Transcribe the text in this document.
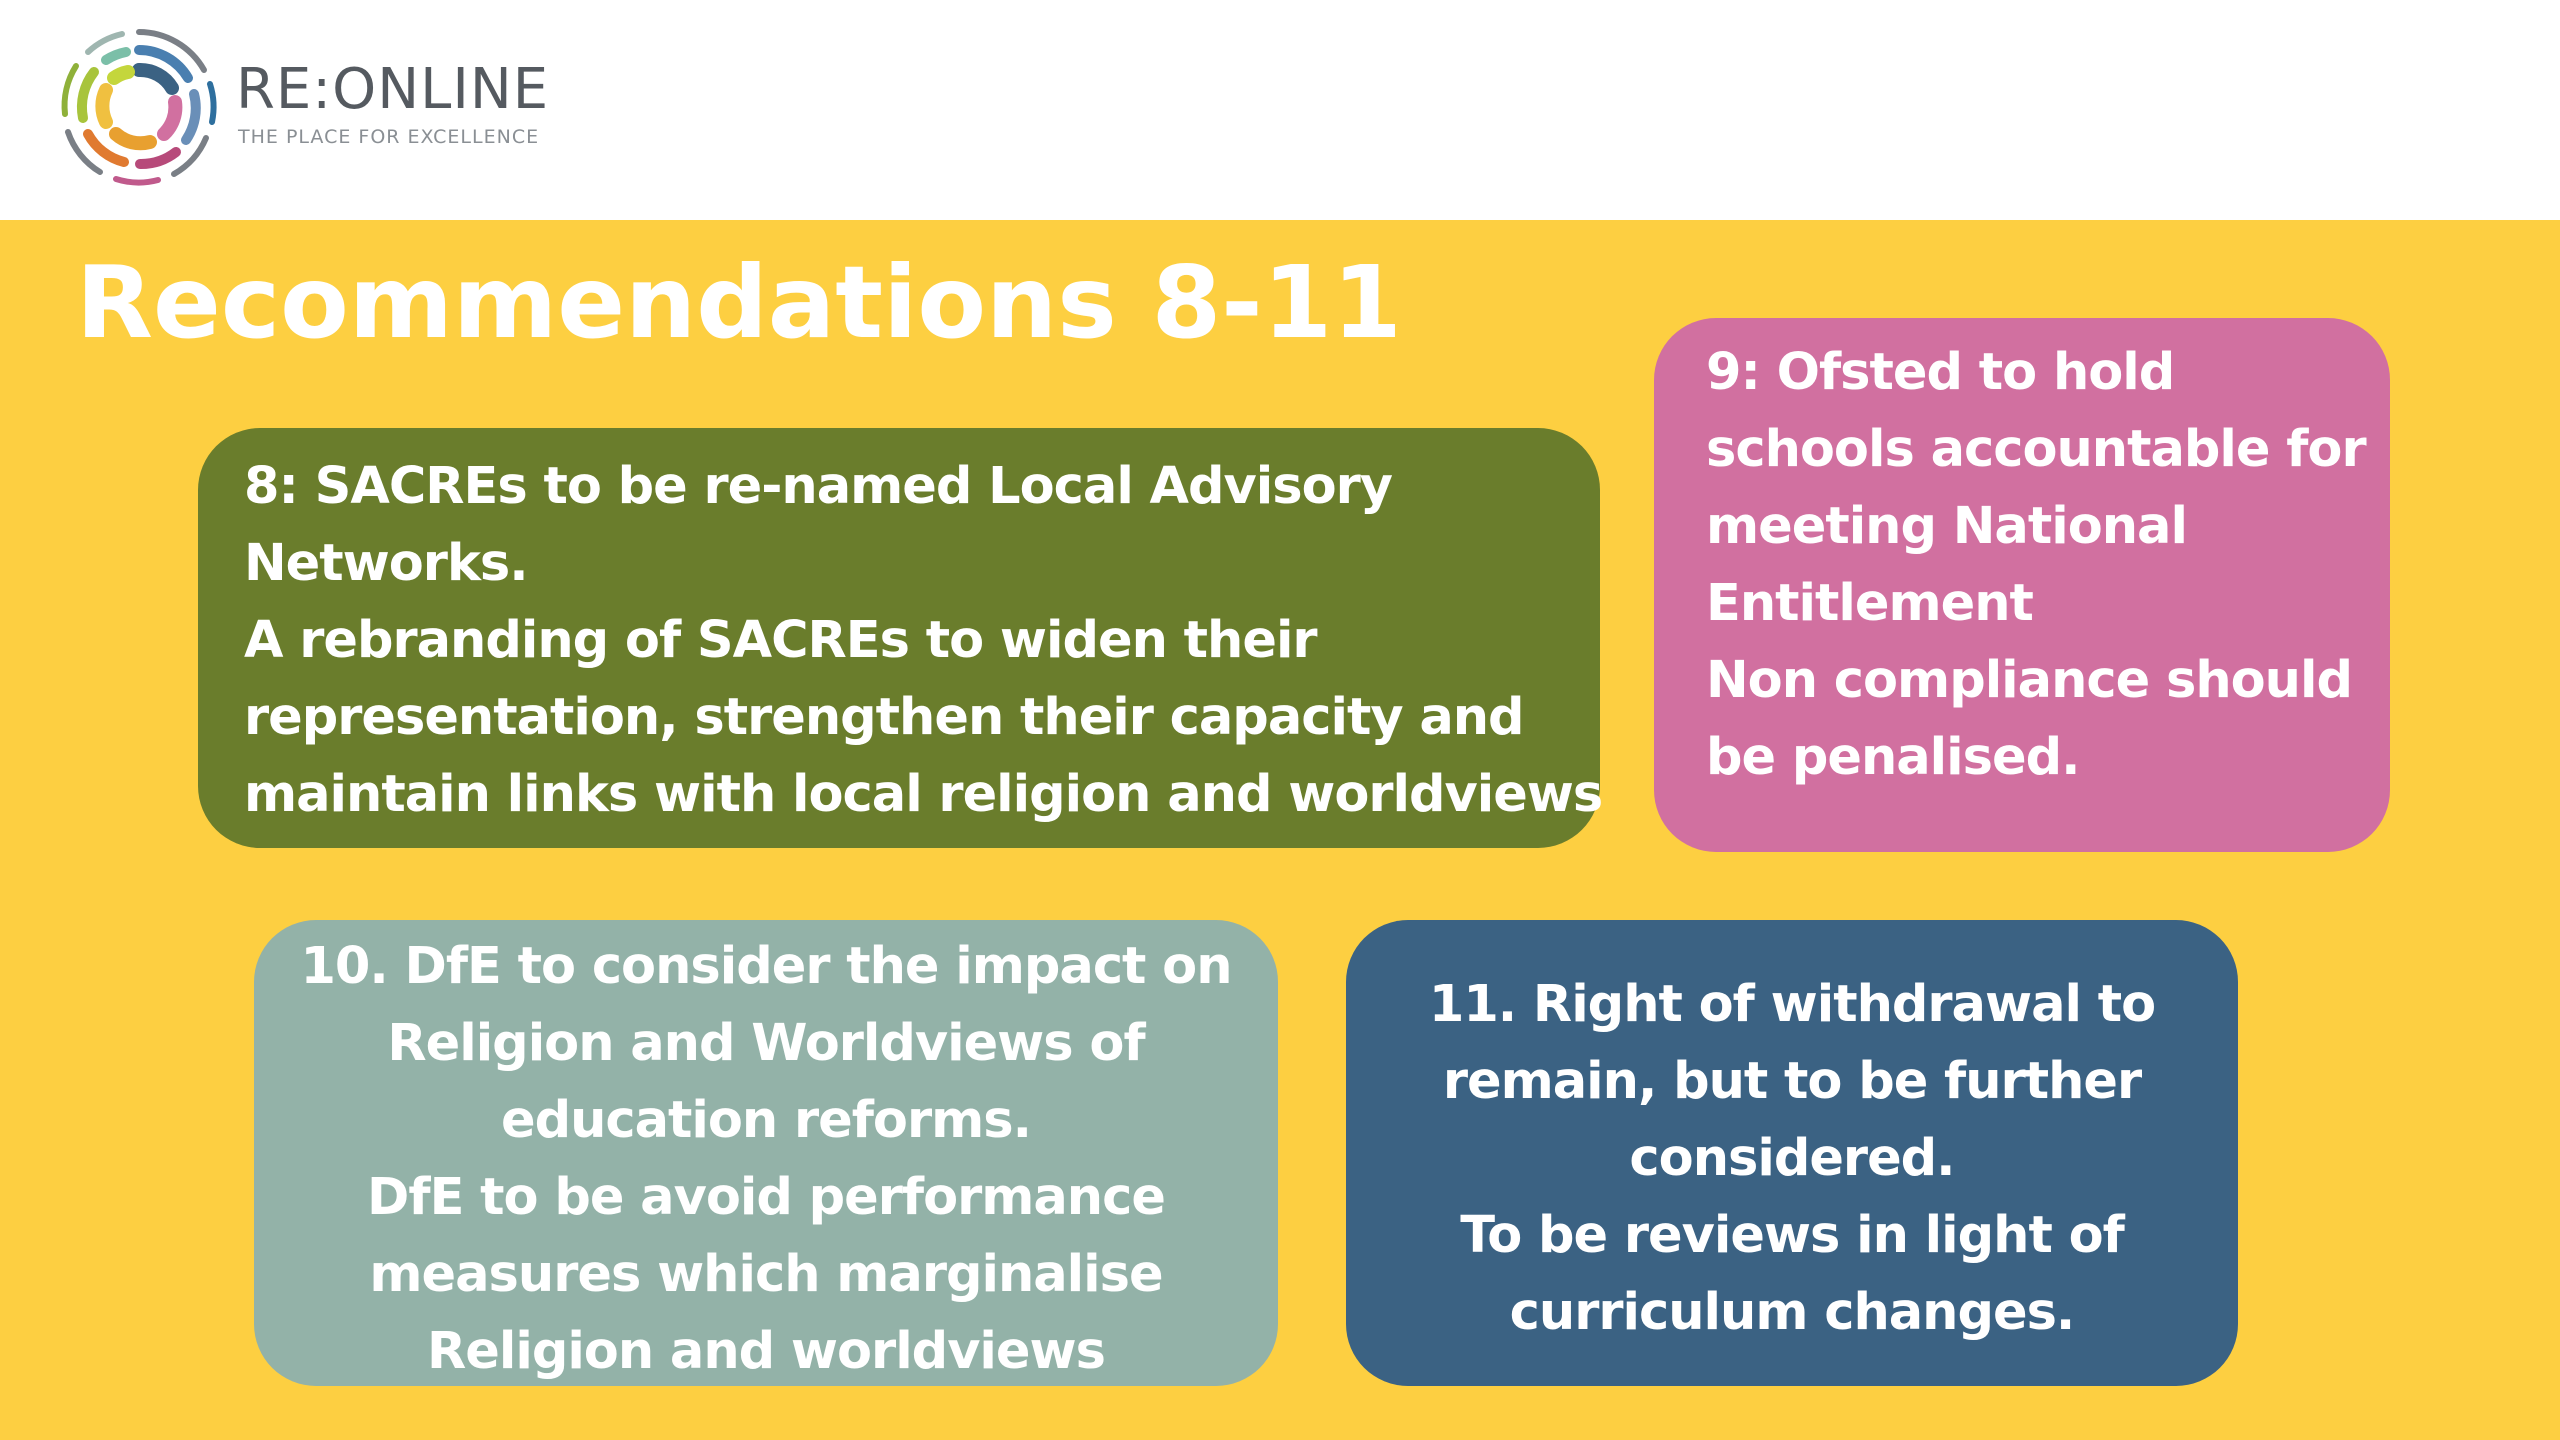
RE:ONLINE
THE PLACE FOR EXCELLENCE
Recommendations 8-11

8: SACREs to be re-named Local Advisory

Networks.

A rebranding of SACREs to widen their

representation, strengthen their capacity and

maintain links with local religion and worldviews

9: Ofsted to hold

schools accountable for

meeting National

Entitlement

Non compliance should

be penalised.

10. DfE to consider the impact on

Religion and Worldviews of

education reforms.

DfE to be avoid performance

measures which marginalise

Religion and worldviews

11. Right of withdrawal to

remain, but to be further

considered.

To be reviews in light of

curriculum changes.
